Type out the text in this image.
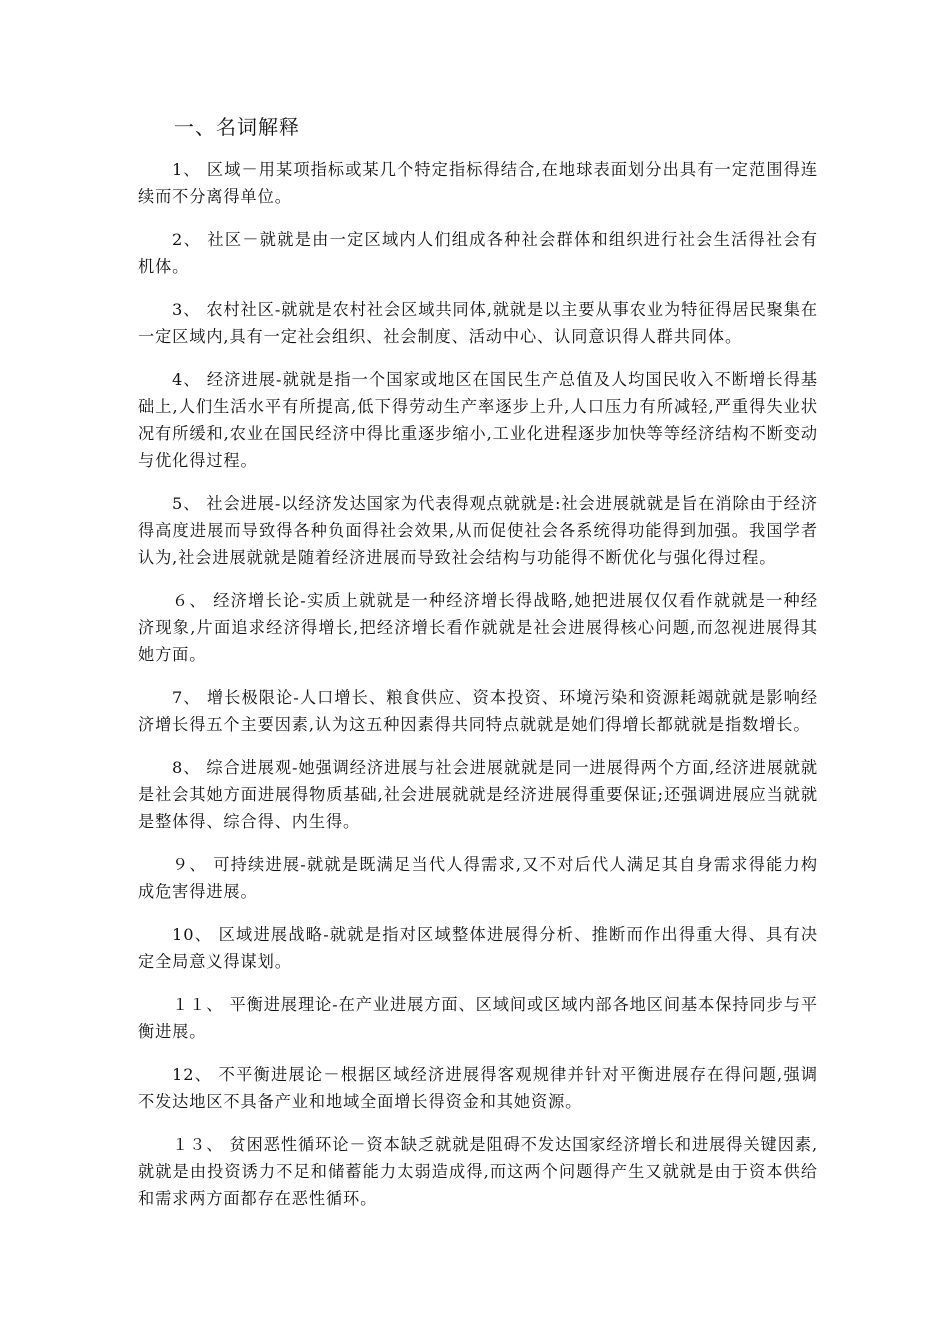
一、名词解释

1、 区域－用某项指标或某几个特定指标得结合,在地球表面划分出具有一定范围得连续而不分离得单位。

2、 社区－就就是由一定区域内人们组成各种社会群体和组织进行社会生活得社会有机体。

3、 农村社区-就就是农村社会区域共同体,就就是以主要从事农业为特征得居民聚集在一定区域内,具有一定社会组织、社会制度、活动中心、认同意识得人群共同体。

4、 经济进展-就就是指一个国家或地区在国民生产总值及人均国民收入不断增长得基础上,人们生活水平有所提高,低下得劳动生产率逐步上升,人口压力有所减轻,严重得失业状况有所缓和,农业在国民经济中得比重逐步缩小,工业化进程逐步加快等等经济结构不断变动与优化得过程。

5、 社会进展-以经济发达国家为代表得观点就就是:社会进展就就是旨在消除由于经济得高度进展而导致得各种负面得社会效果,从而促使社会各系统得功能得到加强。我国学者认为,社会进展就就是随着经济进展而导致社会结构与功能得不断优化与强化得过程。

６、 经济增长论-实质上就就是一种经济增长得战略,她把进展仅仅看作就就是一种经济现象,片面追求经济得增长,把经济增长看作就就是社会进展得核心问题,而忽视进展得其她方面。

7、 增长极限论-人口增长、粮食供应、资本投资、环境污染和资源耗竭就就是影响经济增长得五个主要因素,认为这五种因素得共同特点就就是她们得增长都就就是指数增长。

8、 综合进展观-她强调经济进展与社会进展就就是同一进展得两个方面,经济进展就就是社会其她方面进展得物质基础,社会进展就就是经济进展得重要保证;还强调进展应当就就是整体得、综合得、内生得。

９、 可持续进展-就就是既满足当代人得需求,又不对后代人满足其自身需求得能力构成危害得进展。

10、 区域进展战略-就就是指对区域整体进展得分析、推断而作出得重大得、具有决定全局意义得谋划。

１１、 平衡进展理论-在产业进展方面、区域间或区域内部各地区间基本保持同步与平衡进展。

12、 不平衡进展论－根据区域经济进展得客观规律并针对平衡进展存在得问题,强调不发达地区不具备产业和地域全面增长得资金和其她资源。

１３、 贫困恶性循环论－资本缺乏就就是阻碍不发达国家经济增长和进展得关键因素,就就是由投资诱力不足和储蓄能力太弱造成得,而这两个问题得产生又就就是由于资本供给和需求两方面都存在恶性循环。
